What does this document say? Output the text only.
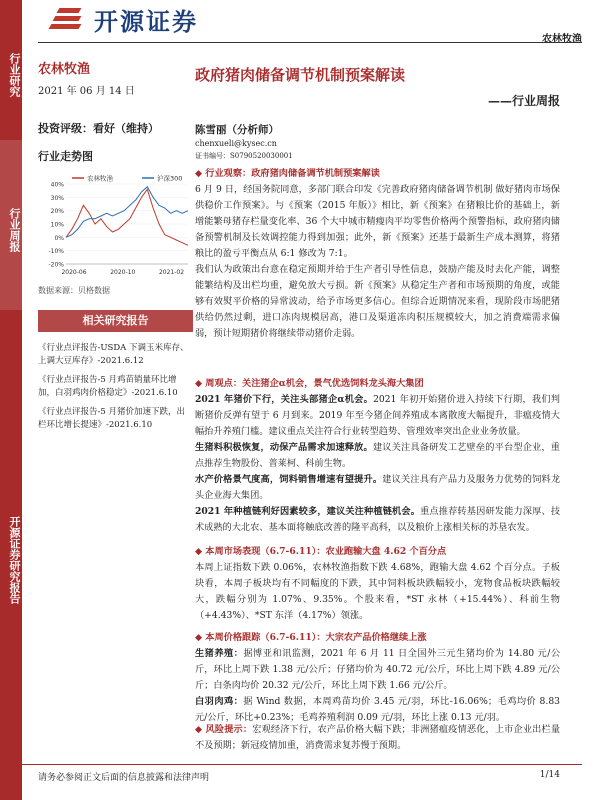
行业研究
行业周报
开源证券研究报告
开源证券
农林牧渔
农林牧渔
2021 年 06 月 14 日
投资评级：看好（维持）
行业走势图
40%
30%
20%
10%
0%
-10%
-20%
2020-06	2020-10	2021-02
农林牧渔	沪深300
数据来源：贝格数据
相关研究报告
《行业点评报告-USDA 下调玉米库存、上调大豆库存》-2021.6.12
《行业点评报告-5 月鸡苗销量环比增加，白羽鸡肉价格稳定》-2021.6.10
《行业点评报告-5 月猪价加速下跌，出栏环比增长提速》-2021.6.10
政府猪肉储备调节机制预案解读
——行业周报
陈雪丽（分析师）
chenxueli@kysec.cn
证书编号：S0790520030001
◆ 行业观察：政府猪肉储备调节机制预案解读
6 月 9 日，经国务院同意，多部门联合印发《完善政府猪肉储备调节机制 做好猪肉市场保供稳价工作预案》。与《预案（2015 年版）》相比，新《预案》在猪粮比价的基础上，新增能繁母猪存栏量变化率、36 个大中城市精瘦肉平均零售价格两个预警指标，政府猪肉储备预警机制及长效调控能力得到加强；此外，新《预案》还基于最新生产成本测算，将猪粮比的盈亏平衡点从 6:1 修改为 7:1。
我们认为政策出台意在稳定预期并给于生产者引导性信息，鼓励产能及时去化产能，调整能繁结构及出栏均重，避免放大亏损。新《预案》从稳定生产者和市场预期的角度，或能够有效熨平价格的异常波动，给予市场更多信心。但综合近期情况来看，现阶段市场肥猪供给仍然过剩，进口冻肉规模居高，港口及渠道冻肉积压规模较大，加之消费端需求偏弱，预计短期猪价将继续带动猪价走弱。
◆ 周观点：关注猪企α机会，景气优选饲料龙头海大集团
2021 年猪价下行，关注头部猪企α机会。2021 年初开始猪价进入持续下行期，我们判断猪价反弹有望于 6 月到来。2019 年至今猪企间养殖成本离散度大幅提升，非瘟疫情大幅抬升养殖门槛。建议重点关注符合行业转型趋势、管理效率突出企业业务放量。
生猪料积极恢复，动保产品需求加速释放。建议关注具备研发工艺壁垒的平台型企业，重点推荐生物股份、普莱柯、科前生物。
水产价格景气度高，饲料销售增速有望提升。建议关注具有产品力及服务力优势的饲料龙头企业海大集团。
2021 年种植链利好因素较多，建议关注种植链机会。重点推荐转基因研发能力深厚、技术成熟的大北农、基本面将触底改善的隆平高科，以及粮价上涨相关标的苏垦农发。
◆ 本周市场表现（6.7-6.11）：农业跑输大盘 4.62 个百分点
本周上证指数下跌 0.06%，农林牧渔指数下跌 4.68%，跑输大盘 4.62 个百分点。子板块看，本周子板块均有不同幅度的下跌，其中饲料板块跌幅较小，宠物食品板块跌幅较大，跌幅分别为 1.07%、9.35%。个股来看，*ST 永林（+15.44%）、科前生物（+4.43%）、*ST 东洋（4.17%）领涨。
◆ 本周价格跟踪（6.7-6.11）：大宗农产品价格继续上涨
生猪养殖：据博亚和讯监测，2021 年 6 月 11 日全国外三元生猪均价为 14.80 元/公斤，环比上周下跌 1.38 元/公斤；仔猪均价为 40.72 元/公斤，环比上周下跌 4.89 元/公斤；白条肉均价 20.32 元/公斤，环比上周下跌 1.66 元/公斤。
白羽肉鸡：据 Wind 数据，本周鸡苗均价 3.45 元/羽，环比-16.06%；毛鸡均价 8.83 元/公斤，环比+0.23%；毛鸡养殖利润 0.09 元/羽，环比上涨 0.13 元/羽。
◆ 风险提示：宏观经济下行，农产品价格大幅下跌；非洲猪瘟疫情恶化，上市企业出栏量不及预期；新冠疫情加重，消费需求复苏慢于预期。
请务必参阅正文后面的信息披露和法律声明	1/14
